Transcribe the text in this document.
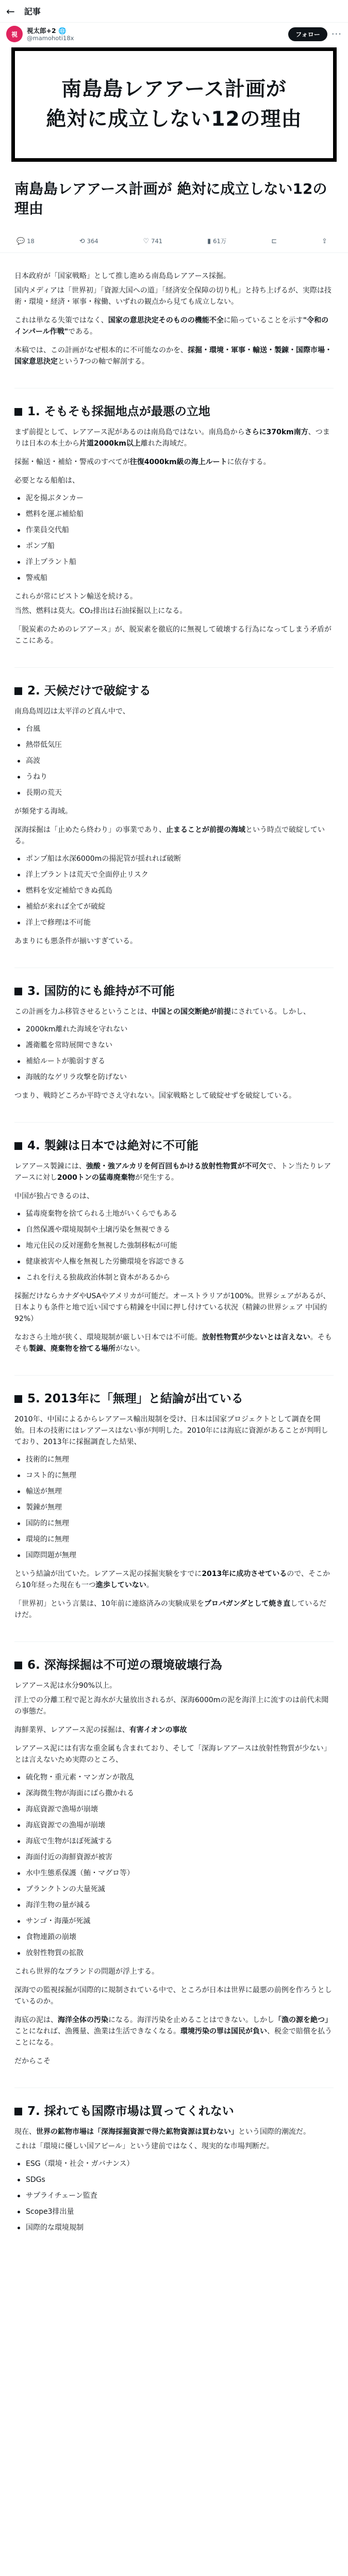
← 記事
視	視太郎+2 🌐
@mamohoti18x	フォロー	···
南島島レアアース計画が
絶対に成立しない12の理由
南島島レアアース計画が 絶対に成立しない12の理由
💬 18	⟲ 364	♡ 741	▮ 61万	⊏	⇪

日本政府が「国家戦略」として推し進める南島島レアアース採掘。

国内メディアは「世界初」「資源大国への道」「経済安全保障の切り札」と持ち上げるが、実際は技術・環境・経済・軍事・稼働、いずれの観点から見ても成立しない。

これは単なる失策ではなく、国家の意思決定そのものの機能不全に陥っていることを示す"令和のインパール作戦"である。

本稿では、この計画がなぜ根本的に不可能なのかを、採掘・環境・軍事・輸送・製錬・国際市場・国家意思決定という7つの軸で解剖する。

1. そもそも採掘地点が最悪の立地

まず前提として、レアアース泥があるのは南鳥島ではない。南鳥島からさらに370km南方、つまりは日本の本土から片道2000km以上離れた海域だ。

採掘・輸送・補給・警戒のすべてが往復4000km級の海上ルートに依存する。

必要となる船舶は、

泥を揚ぶタンカー
燃料を運ぶ補給船
作業員交代船
ポンプ船
洋上プラント船
警戒船

これらが常にピストン輸送を続ける。

当然、燃料は莫大。CO₂排出は石油採掘以上になる。

「脱炭素のためのレアアース」が、脱炭素を徹底的に無視して破壊する行為になってしまう矛盾がここにある。

2. 天候だけで破綻する

南鳥島周辺は太平洋のど真ん中で、

台風
熱帯低気圧
高波
うねり
長期の荒天

が頻発する海域。

深海採掘は「止めたら終わり」の事業であり、止まることが前提の海域という時点で破綻している。

ポンプ船は水深6000mの揚泥管が揺れれば破断
洋上プラントは荒天で全面停止リスク
燃料を安定補給できぬ孤島
補給が来れば全てが破綻
洋上で修理は不可能

あまりにも悪条件が揃いすぎている。

3. 国防的にも維持が不可能

この計画を力ふ移管させるということは、中国との国交断絶が前提にされている。しかし、

2000km離れた海域を守れない
護衛艦を常時展開できない
補給ルートが脆弱すぎる
海賊的なゲリラ攻撃を防げない

つまり、戦時どころか平時でさえ守れない。国家戦略として破綻せずを破綻している。

4. 製錬は日本では絶対に不可能

レアアース製錬には、強酸・強アルカリを何百回もかける放射性物質が不可欠で、トン当たりレアアースに対し2000トンの猛毒廃棄物が発生する。

中国が独占できるのは、

猛毒廃棄物を捨てられる土地がいくらでもある
自然保護や環境規制や土壌汚染を無視できる
地元住民の反対運動を無視した強制移転が可能
健康被害や人権を無視した労働環境を容認できる
これを行える独裁政治体制と資本があるから

採掘だけならカナダやUSAやアメリカが可能だ。オーストラリアが100%。世界シェアがあるが、日本よりも条件と地で近い国ですら精錬を中国に押し付けている状況（精錬の世界シェア 中国約92%）

なおさら土地が狭く、環境規制が厳しい日本では不可能。放射性物質が少ないとは言えない。そもそも製錬、廃棄物を捨てる場所がない。

5. 2013年に「無理」と結論が出ている

2010年、中国によるからレアアース輸出規制を受け、日本は国家プロジェクトとして調査を開始。日本の技術にはレアアースはない事が判明した。2010年には海底に資源があることが判明しており、2013年に採掘調査した結果、

技術的に無理
コスト的に無理
輸送が無理
製錬が無理
国防的に無理
環境的に無理
国際問題が無理

という結論が出ていた。レアアース泥の採掘実験をすでに2013年に成功させているので、そこから10年経った現在も一つ進歩していない。

「世界初」という言葉は、10年前に連絡済みの実験成果をプロパガンダとして焼き直しているだけだ。

6. 深海採掘は不可逆の環境破壊行為

レアアース泥は水分90%以上。

洋上での分離工程で泥と海水が大量放出されるが、深海6000mの泥を海洋上に流すのは前代未聞の事態だ。

海鮮業界、レアアース泥の採掘は、有害イオンの事故

レアアース泥には有害な重金属も含まれており、そして「深海レアアースは放射性物質が少ない」とは言えないため実際のところ、

硫化物・重元素・マンガンが散乱
深海微生物が海面にばら撒かれる
海底資源で漁場が崩壊
海底資源での漁場が崩壊
海底で生物がほぼ死滅する
海面付近の海鮮資源が被害
水中生態系保護（鮪・マグロ等）
プランクトンの大量死滅
海洋生物の量が減る
サンゴ・海藻が死滅
食物連鎖の崩壊
放射性物質の拡散

これら世界的なブランドの問題が浮上する。

深海での監視採掘が国際的に規制されている中で、ところが日本は世界に最悪の前例を作ろうとしているのか。

海底の泥は、海洋全体の汚染になる。海洋汚染を止めることはできない。しかし「漁の源を絶つ」ことになれば、漁獲量、漁業は生活できなくなる。環境汚染の罪は国民が負い、税金で賠償を払うことになる。

だからこそ

7. 採れても国際市場は買ってくれない

現在、世界の鉱物市場は「深海採掘資源で得た鉱物資源は買わない」という国際的潮流だ。

これは「環境に優しい国アピール」という建前ではなく、現実的な市場判断だ。

ESG（環境・社会・ガバナンス）
SDGs
サプライチェーン監査
Scope3排出量
国際的な環境規制
